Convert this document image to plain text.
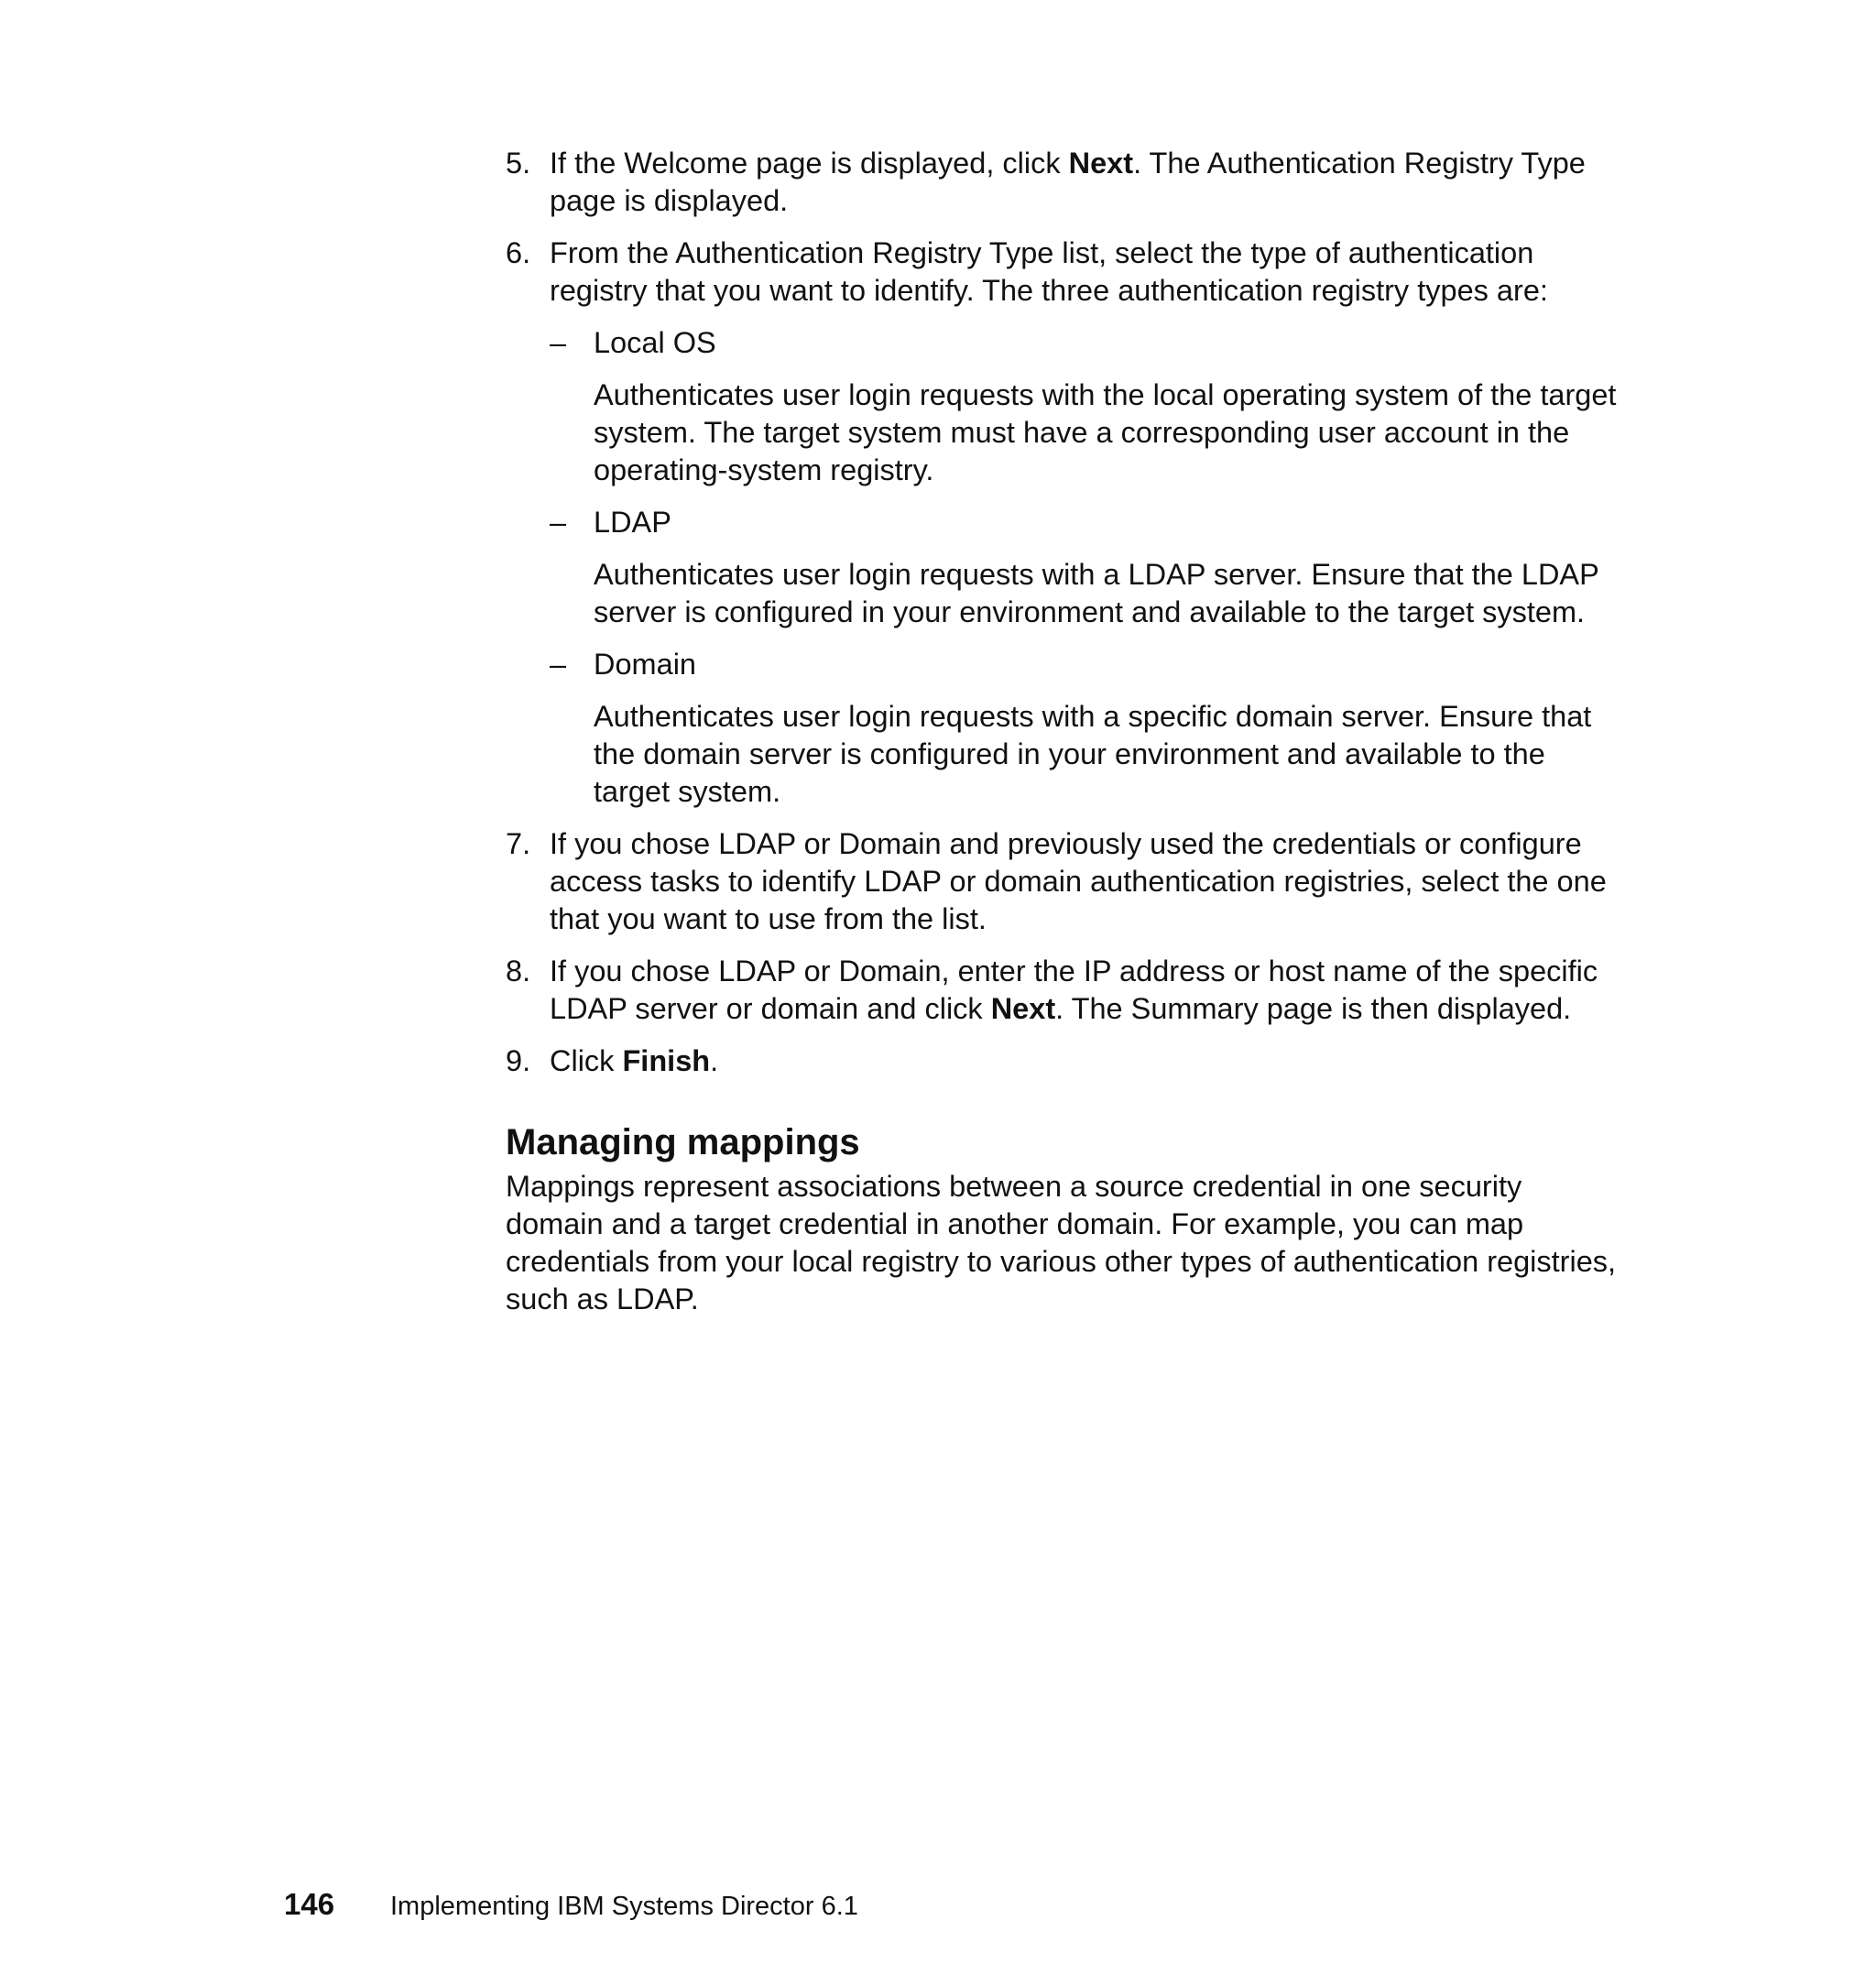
5. If the Welcome page is displayed, click Next. The Authentication Registry Type page is displayed.
6. From the Authentication Registry Type list, select the type of authentication registry that you want to identify. The three authentication registry types are:
– Local OS
Authenticates user login requests with the local operating system of the target system. The target system must have a corresponding user account in the operating-system registry.
– LDAP
Authenticates user login requests with a LDAP server. Ensure that the LDAP server is configured in your environment and available to the target system.
– Domain
Authenticates user login requests with a specific domain server. Ensure that the domain server is configured in your environment and available to the target system.
7. If you chose LDAP or Domain and previously used the credentials or configure access tasks to identify LDAP or domain authentication registries, select the one that you want to use from the list.
8. If you chose LDAP or Domain, enter the IP address or host name of the specific LDAP server or domain and click Next. The Summary page is then displayed.
9. Click Finish.
Managing mappings

Mappings represent associations between a source credential in one security domain and a target credential in another domain. For example, you can map credentials from your local registry to various other types of authentication registries, such as LDAP.

146	Implementing IBM Systems Director 6.1
